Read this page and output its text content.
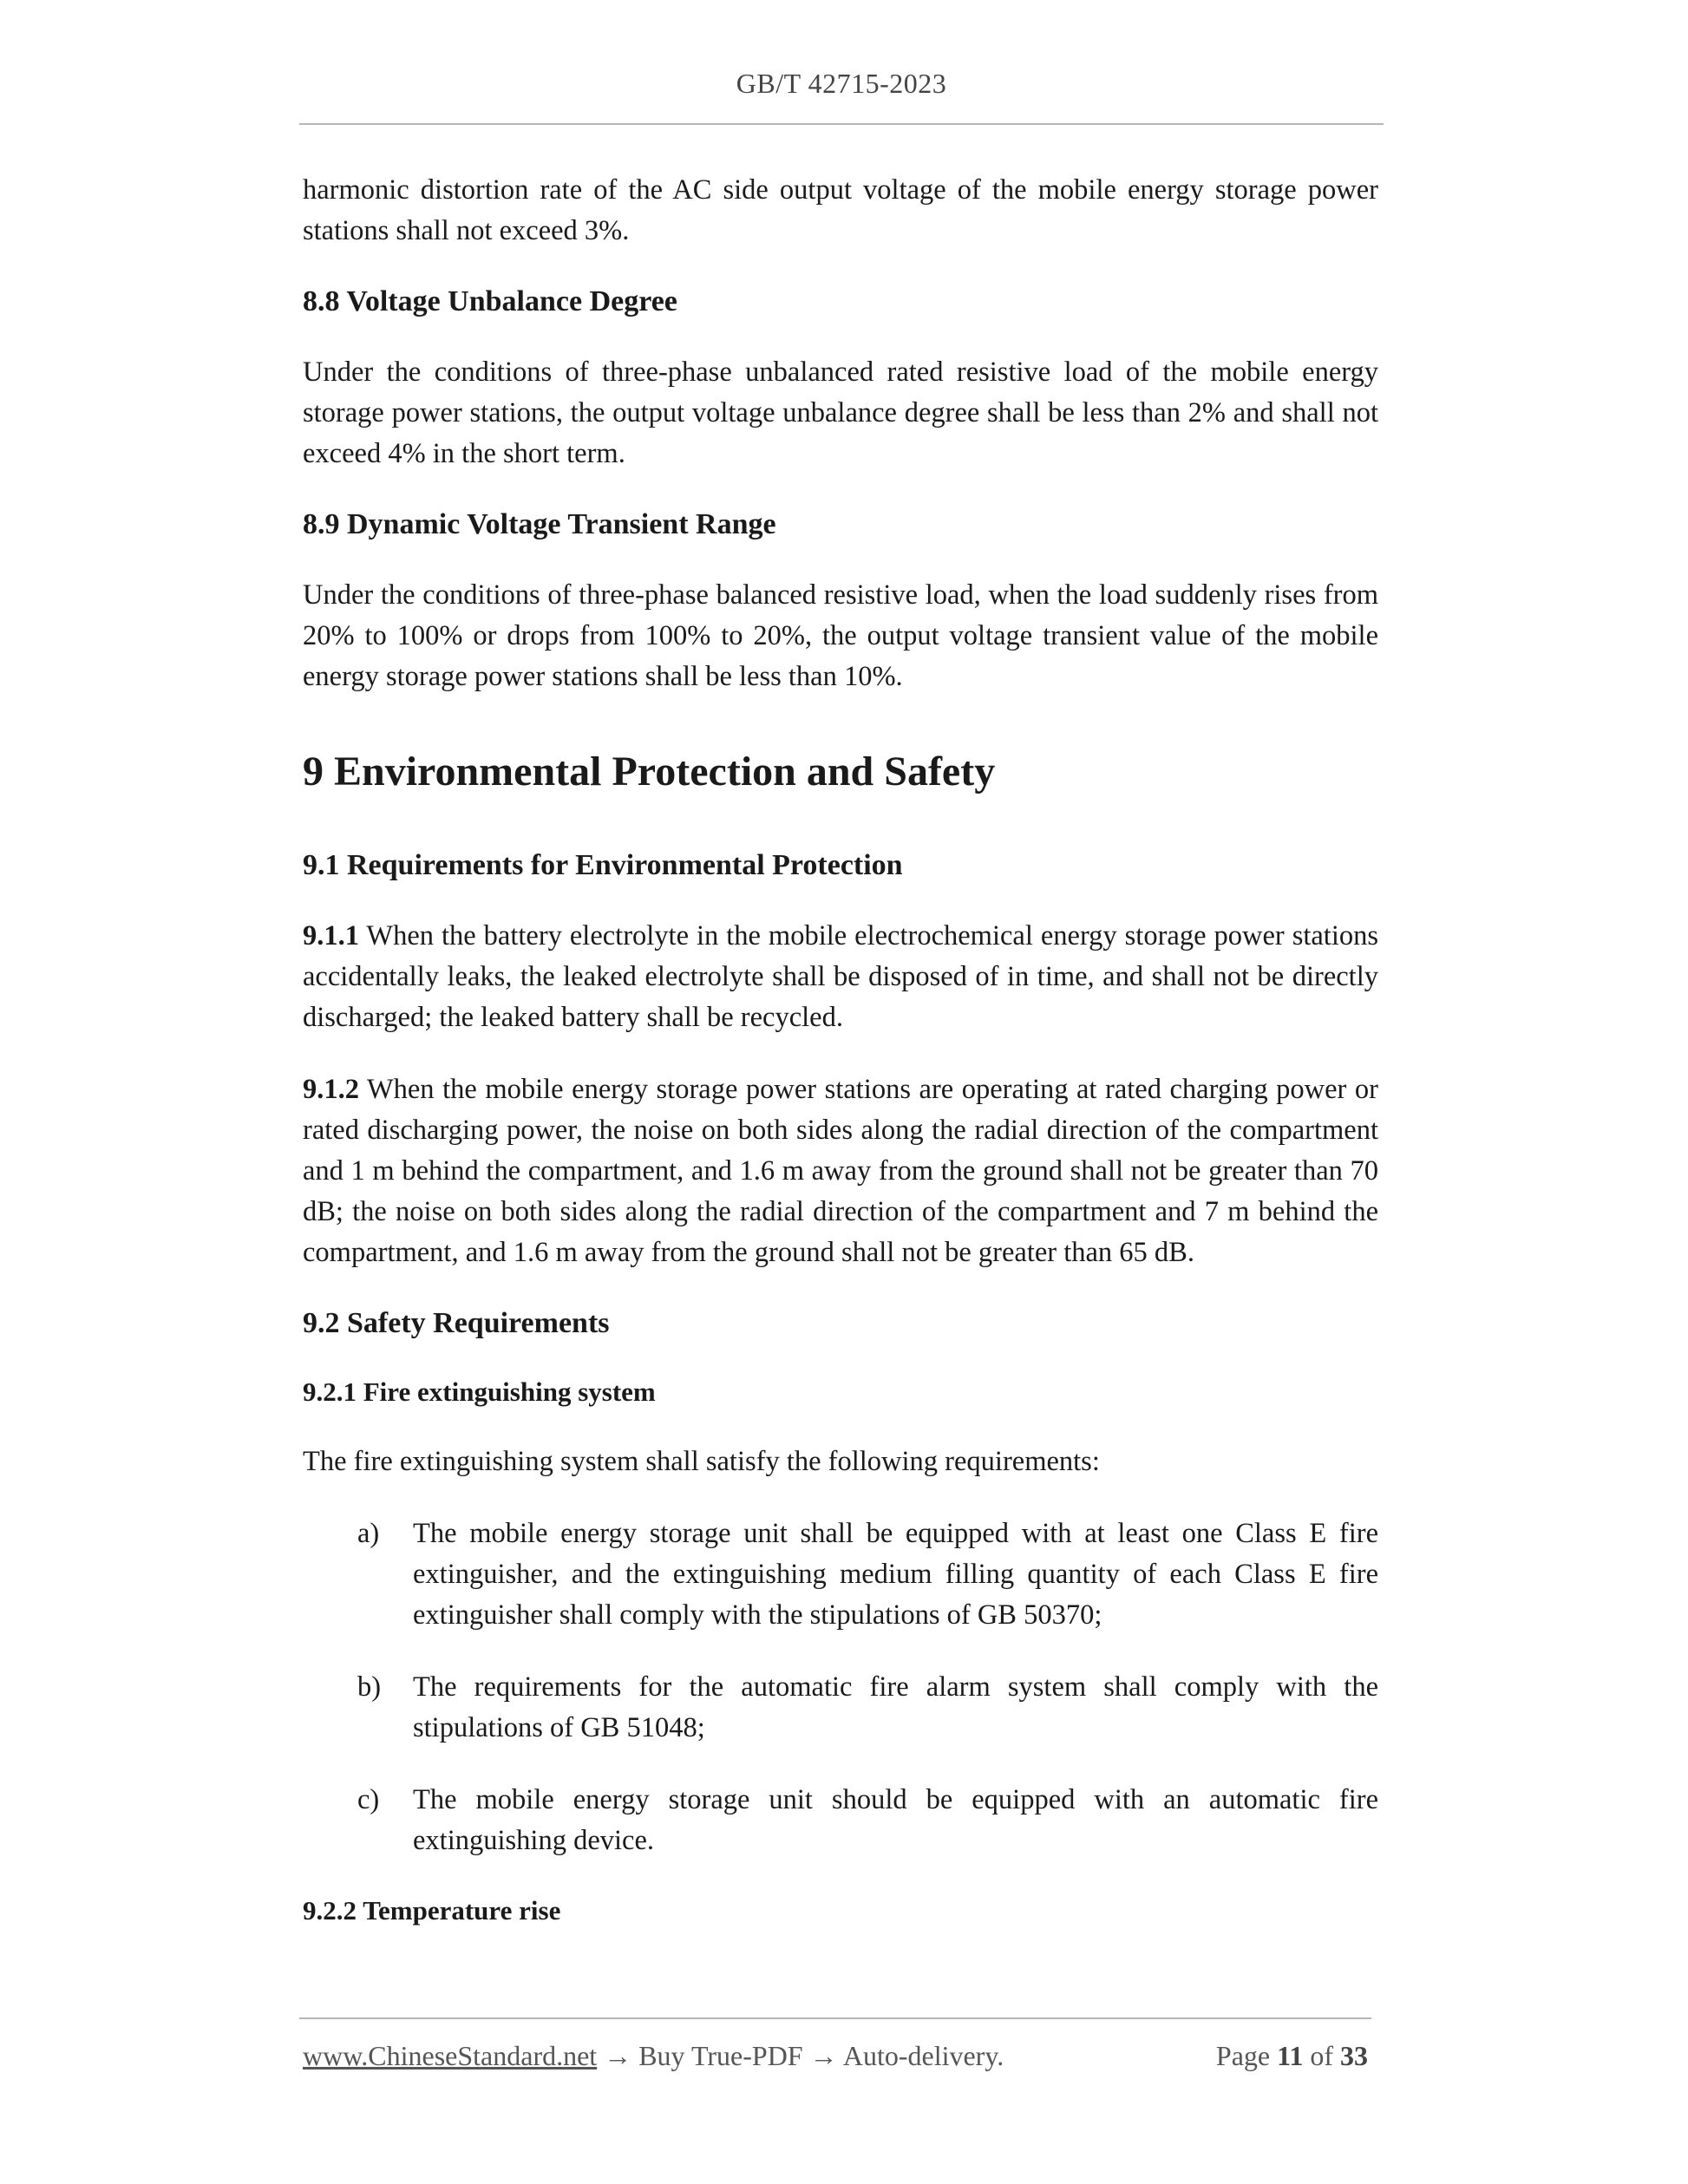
GB/T 42715-2023

harmonic distortion rate of the AC side output voltage of the mobile energy storage power stations shall not exceed 3%.

8.8 Voltage Unbalance Degree

Under the conditions of three-phase unbalanced rated resistive load of the mobile energy storage power stations, the output voltage unbalance degree shall be less than 2% and shall not exceed 4% in the short term.

8.9 Dynamic Voltage Transient Range

Under the conditions of three-phase balanced resistive load, when the load suddenly rises from 20% to 100% or drops from 100% to 20%, the output voltage transient value of the mobile energy storage power stations shall be less than 10%.

9 Environmental Protection and Safety
9.1 Requirements for Environmental Protection

9.1.1 When the battery electrolyte in the mobile electrochemical energy storage power stations accidentally leaks, the leaked electrolyte shall be disposed of in time, and shall not be directly discharged; the leaked battery shall be recycled.

9.1.2 When the mobile energy storage power stations are operating at rated charging power or rated discharging power, the noise on both sides along the radial direction of the compartment and 1 m behind the compartment, and 1.6 m away from the ground shall not be greater than 70 dB; the noise on both sides along the radial direction of the compartment and 7 m behind the compartment, and 1.6 m away from the ground shall not be greater than 65 dB.

9.2 Safety Requirements
9.2.1 Fire extinguishing system

The fire extinguishing system shall satisfy the following requirements:

a) The mobile energy storage unit shall be equipped with at least one Class E fire extinguisher, and the extinguishing medium filling quantity of each Class E fire extinguisher shall comply with the stipulations of GB 50370;
b) The requirements for the automatic fire alarm system shall comply with the stipulations of GB 51048;
c) The mobile energy storage unit should be equipped with an automatic fire extinguishing device.
9.2.2 Temperature rise
www.ChineseStandard.net → Buy True-PDF → Auto-delivery.	Page 11 of 33
